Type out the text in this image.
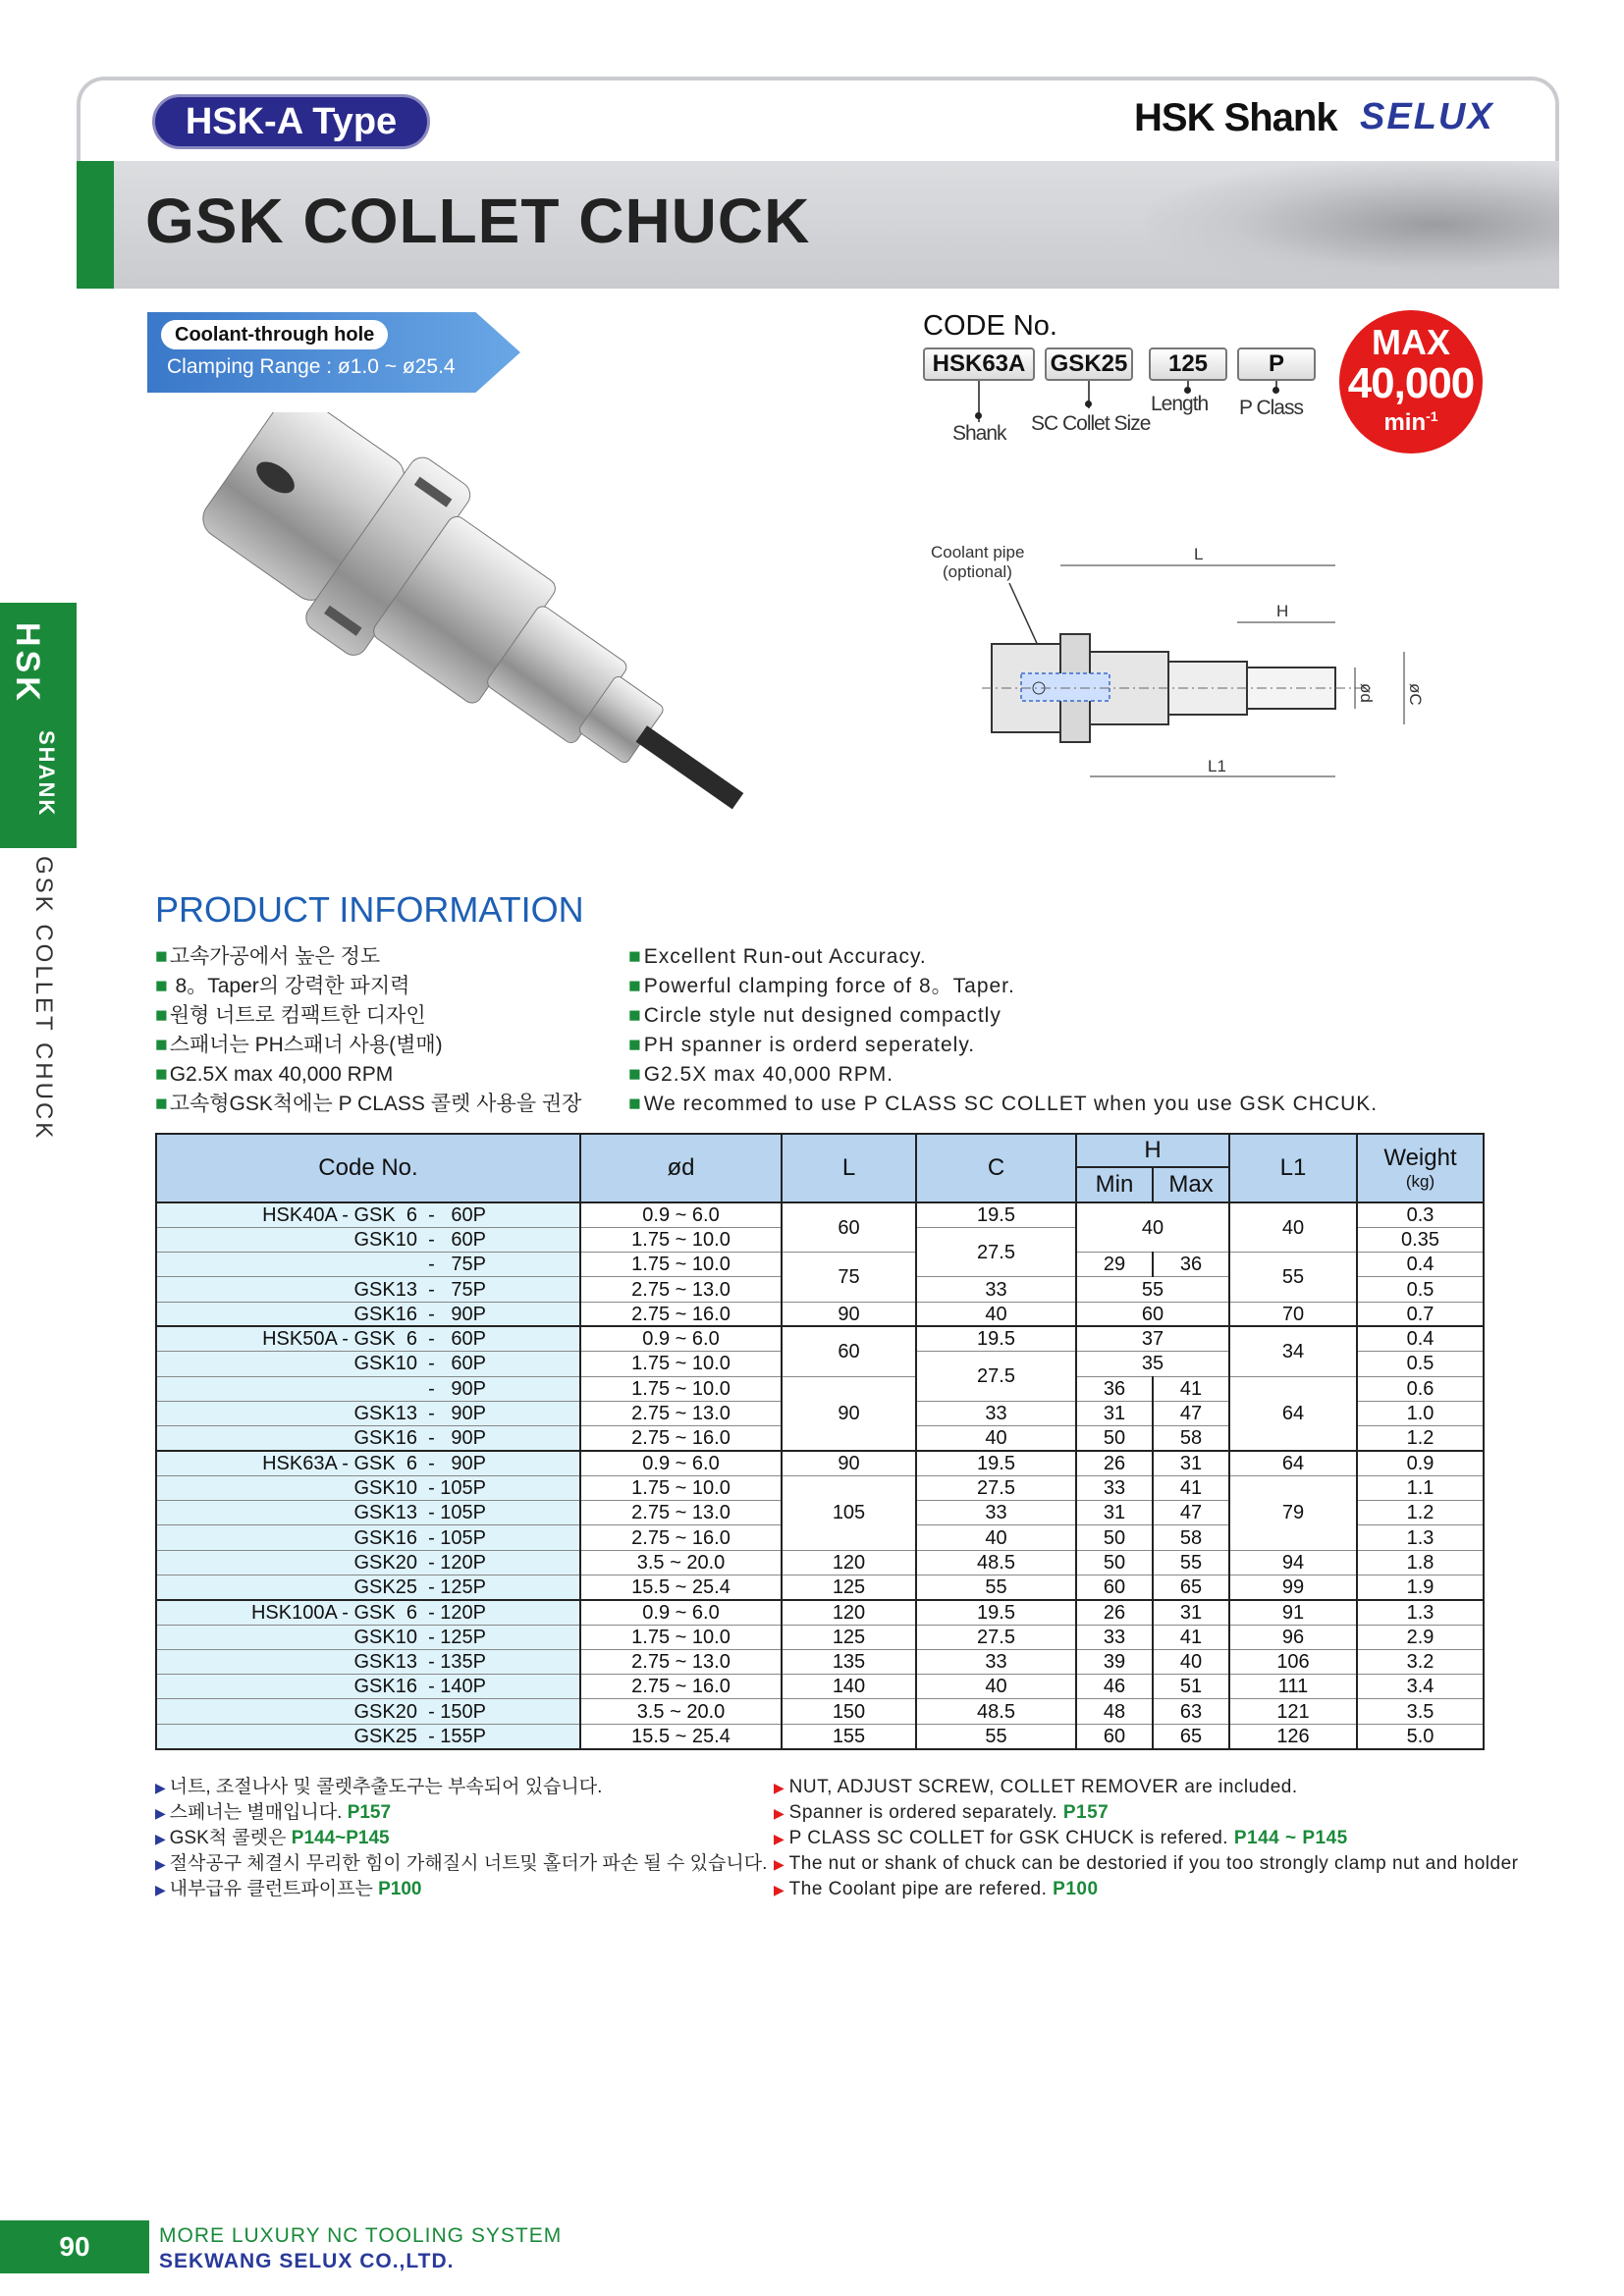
HSK-A Type	HSK Shank SELUX
GSK COLLET CHUCK
Coolant-through hole
Clamping Range : ø1.0 ~ ø25.4
CODE No.
HSK63A	GSK25	125	P
Shank SC Collet Size
Length P Class
MAX
40,000
$\min^{-1}$
Coolant pipe
(optional)
L
H
L1
ød øC
HSK
SHANK
GSK COLLET CHUCK	PRODUCT INFORMATION
■ 고속가공에서 높은 정도
■ 8。Taper의 강력한 파지력
■ 원형 너트로 컴팩트한 디자인
■ 스패너는 PH스패너 사용(별매)
■ G2.5X max 40,000 RPM
■ 고속형GSK척에는 P CLASS 콜렛 사용을 권장
■ Excellent Run-out Accuracy.
■ Powerful clamping force of 8。Taper.
■ Circle style nut designed compactly
■ PH spanner is orderd seperately.
■ G2.5X max 40,000 RPM.
■ We recommed to use P CLASS SC COLLET when you use GSK CHCUK.
Code No.	ød	L	C	H		L1	Weight
(kg)

				Min	Max		
HSK40A - GSK  6  -   60P	0.9 ~ 6.0	60	19.5	40		40	0.3
GSK10  -   60P	1.75 ~ 10.0		27.5				0.35
-   75P	1.75 ~ 10.0	75		29	36	55	0.4
GSK13  -   75P	2.75 ~ 13.0		33	55			0.5
GSK16  -   90P	2.75 ~ 16.0	90	40	60		70	0.7
HSK50A - GSK  6  -   60P	0.9 ~ 6.0	60	19.5	37		34	0.4
GSK10  -   60P	1.75 ~ 10.0		27.5	35			0.5
-   90P	1.75 ~ 10.0	90		36	41	64	0.6
GSK13  -   90P	2.75 ~ 13.0		33	31	47		1.0
GSK16  -   90P	2.75 ~ 16.0		40	50	58		1.2
HSK63A - GSK  6  -   90P	0.9 ~ 6.0	90	19.5	26	31	64	0.9
GSK10  - 105P	1.75 ~ 10.0	105	27.5	33	41	79	1.1
GSK13  - 105P	2.75 ~ 13.0		33	31	47		1.2
GSK16  - 105P	2.75 ~ 16.0		40	50	58		1.3
GSK20  - 120P	3.5 ~ 20.0	120	48.5	50	55	94	1.8
GSK25  - 125P	15.5 ~ 25.4	125	55	60	65	99	1.9
HSK100A - GSK  6  - 120P	0.9 ~ 6.0	120	19.5	26	31	91	1.3
GSK10  - 125P	1.75 ~ 10.0	125	27.5	33	41	96	2.9
GSK13  - 135P	2.75 ~ 13.0	135	33	39	40	106	3.2
GSK16  - 140P	2.75 ~ 16.0	140	40	46	51	111	3.4
GSK20  - 150P	3.5 ~ 20.0	150	48.5	48	63	121	3.5
GSK25  - 155P	15.5 ~ 25.4	155	55	60	65	126	5.0
▶ 너트, 조절나사 및 콜렛추출도구는 부속되어 있습니다.
▶ 스페너는 별매입니다. P157
▶ GSK척 콜렛은 P144~P145
▶ 절삭공구 체결시 무리한 힘이 가해질시 너트및 홀더가 파손 될 수 있습니다.
▶ 내부급유 클런트파이프는 P100
▶ NUT, ADJUST SCREW, COLLET REMOVER are included.
▶ Spanner is ordered separately. P157
▶ P CLASS SC COLLET for GSK CHUCK is refered. P144 ~ P145
▶ The nut or shank of chuck can be destoried if you too strongly clamp nut and holder
▶ The Coolant pipe are refered. P100
90	MORE LUXURY NC TOOLING SYSTEM
SEKWANG SELUX CO.,LTD.
